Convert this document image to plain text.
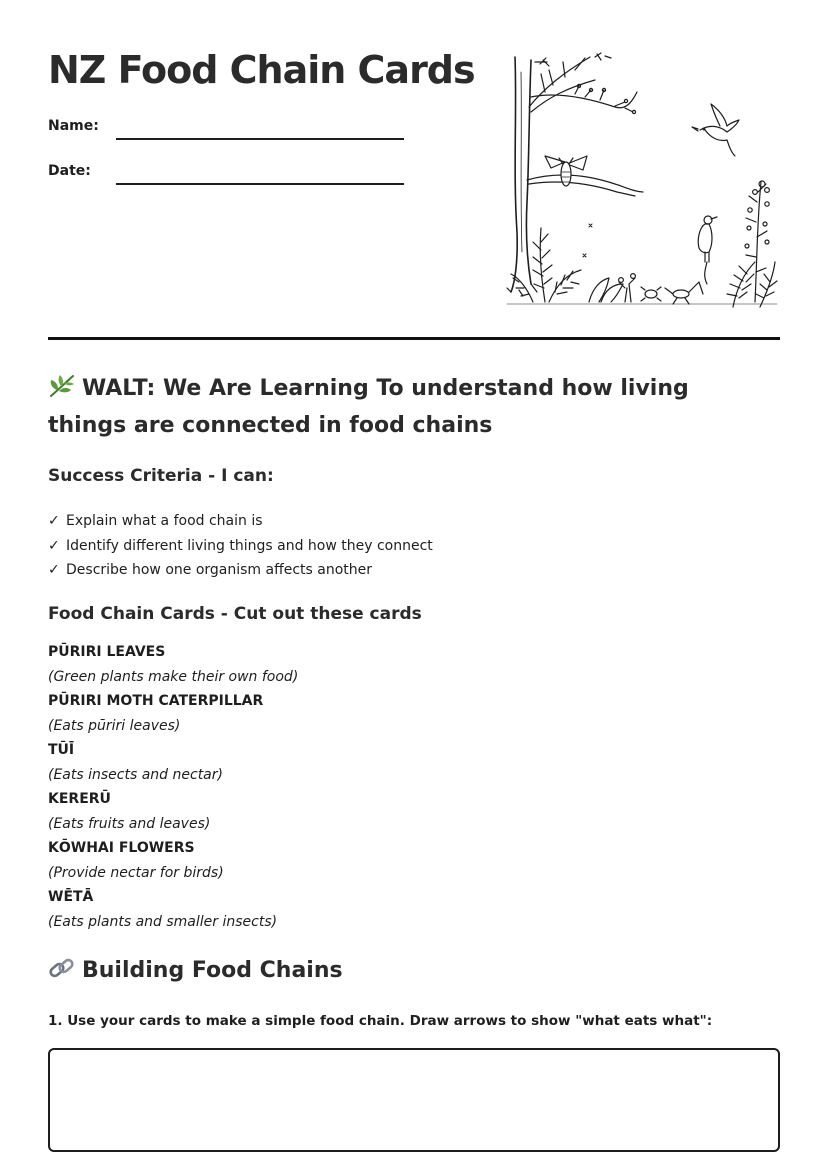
NZ Food Chain Cards
Name:
Date:
WALT: We Are Learning To understand how living things are connected in food chains
Success Criteria - I can:
✓ Explain what a food chain is
✓ Identify different living things and how they connect
✓ Describe how one organism affects another
Food Chain Cards - Cut out these cards
PŪRIRI LEAVES
(Green plants make their own food)
PŪRIRI MOTH CATERPILLAR
(Eats pūriri leaves)
TŪĪ
(Eats insects and nectar)
KERERŪ
(Eats fruits and leaves)
KŌWHAI FLOWERS
(Provide nectar for birds)
WĒTĀ
(Eats plants and smaller insects)
Building Food Chains
1. Use your cards to make a simple food chain. Draw arrows to show "what eats what":
